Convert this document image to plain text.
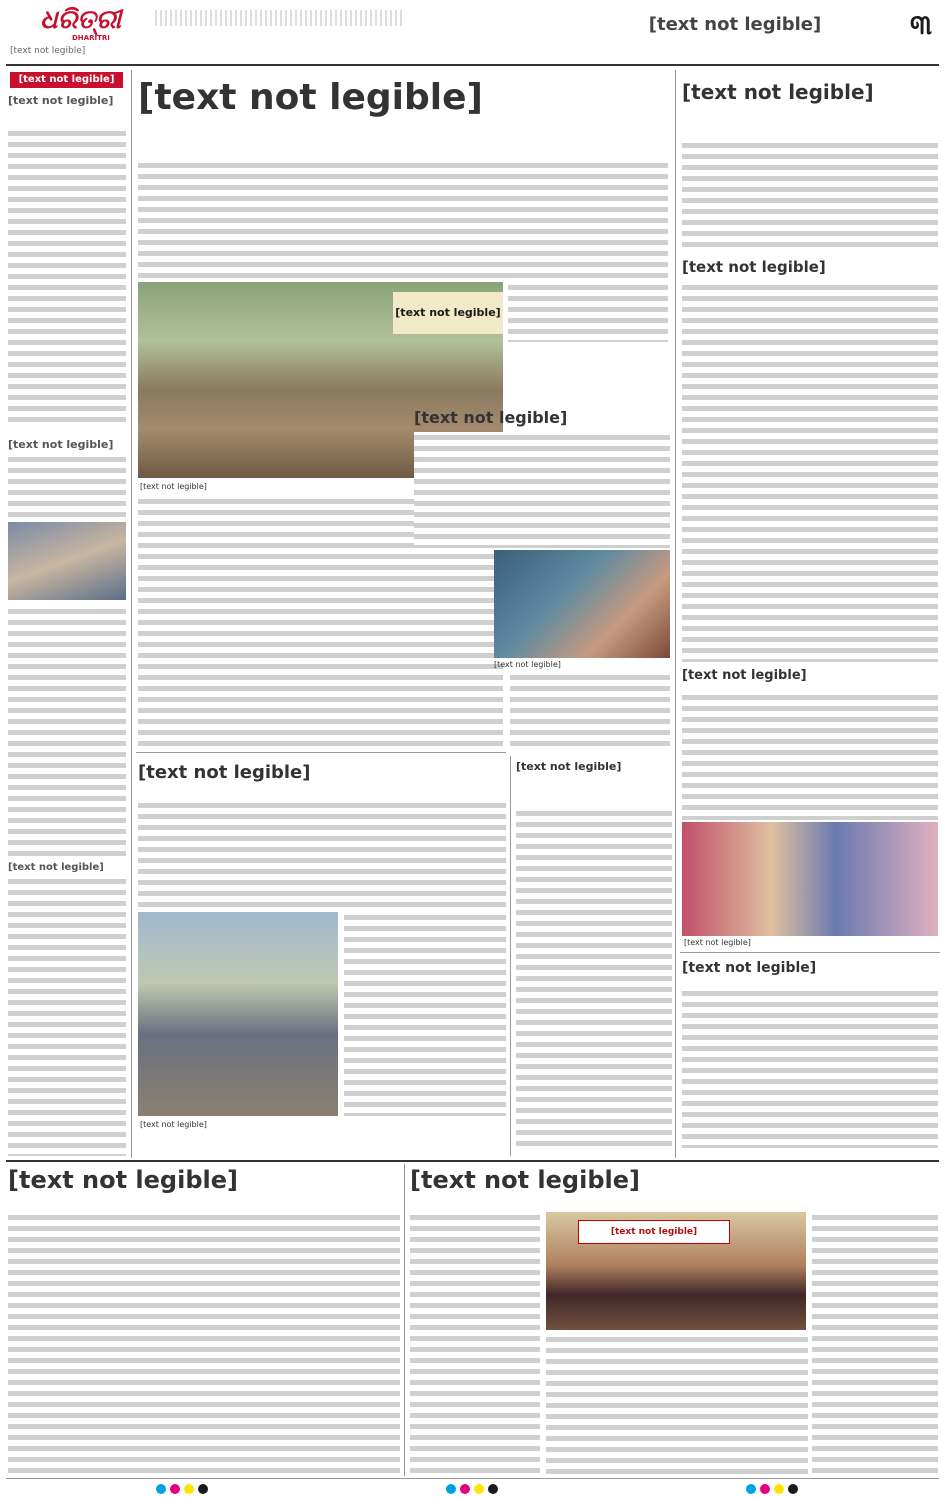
ଧରିତ୍ରୀ
DHARITRI
[text not legible]
[text not legible]	୩
[text not legible]
[text not legible]
[text not legible]
[text not legible]
[text not legible]
[text not legible]
[text not legible]
[text not legible]
[text not legible]
[text not legible]
[text not legible]
[text not legible]
[text not legible]
[text not legible]
[text not legible]
[text not legible]
[text not legible]
[text not legible]	[text not legible]
[text not legible]
